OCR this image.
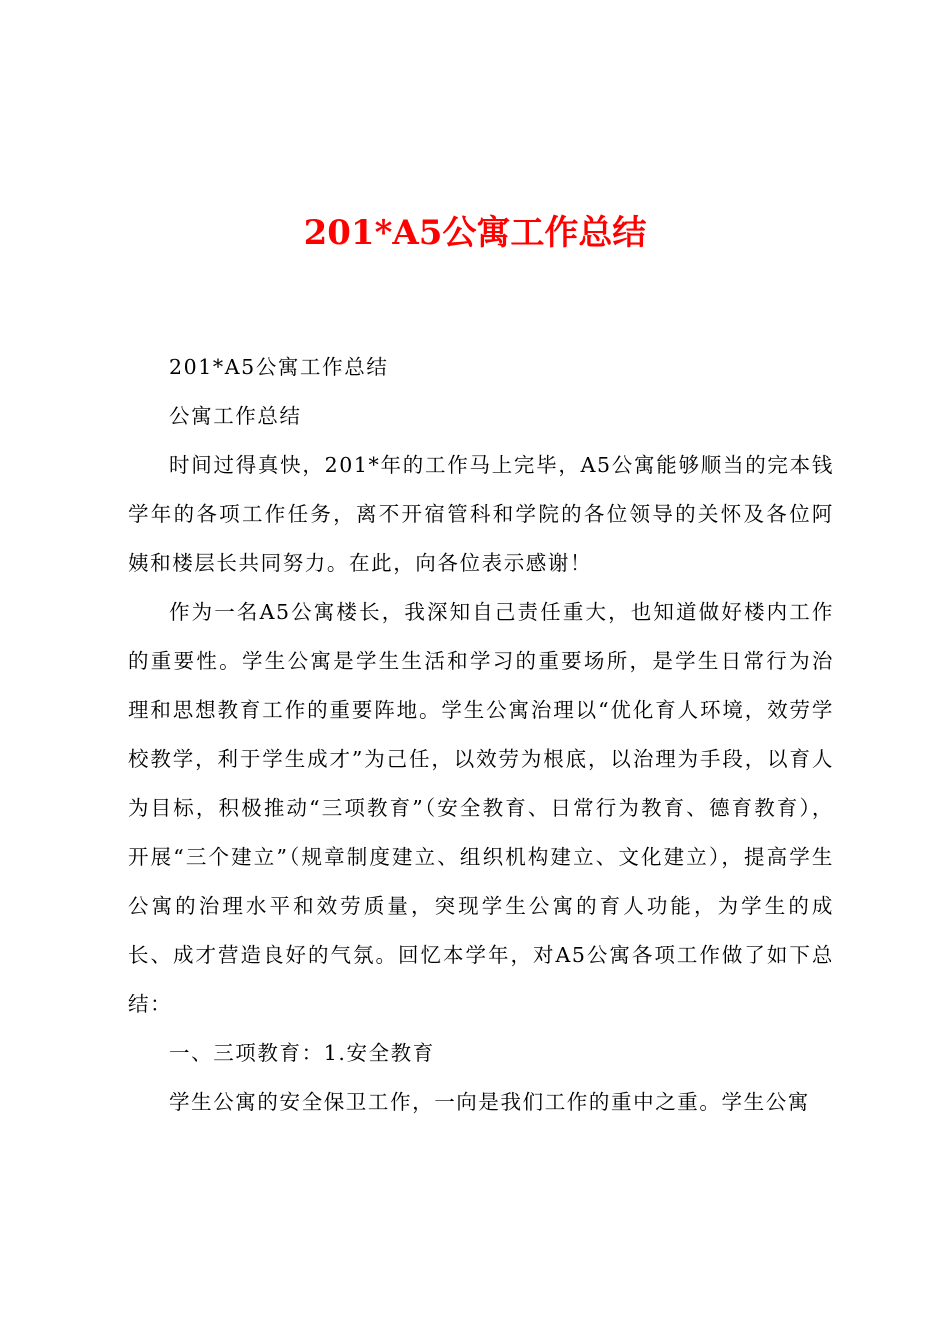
201*A5公寓工作总结

201*A5公寓工作总结

公寓工作总结

时间过得真快，201*年的工作马上完毕，A5公寓能够顺当的完本钱学年的各项工作任务，离不开宿管科和学院的各位领导的关怀及各位阿姨和楼层长共同努力。在此，向各位表示感谢！

作为一名A5公寓楼长，我深知自己责任重大，也知道做好楼内工作的重要性。学生公寓是学生生活和学习的重要场所，是学生日常行为治理和思想教育工作的重要阵地。学生公寓治理以“优化育人环境，效劳学校教学，利于学生成才”为己任，以效劳为根底，以治理为手段，以育人为目标，积极推动“三项教育”（安全教育、日常行为教育、德育教育），开展“三个建立”（规章制度建立、组织机构建立、文化建立），提高学生公寓的治理水平和效劳质量，突现学生公寓的育人功能，为学生的成长、成才营造良好的气氛。回忆本学年，对A5公寓各项工作做了如下总结：

一、三项教育：1.安全教育

学生公寓的安全保卫工作，一向是我们工作的重中之重。学生公寓
